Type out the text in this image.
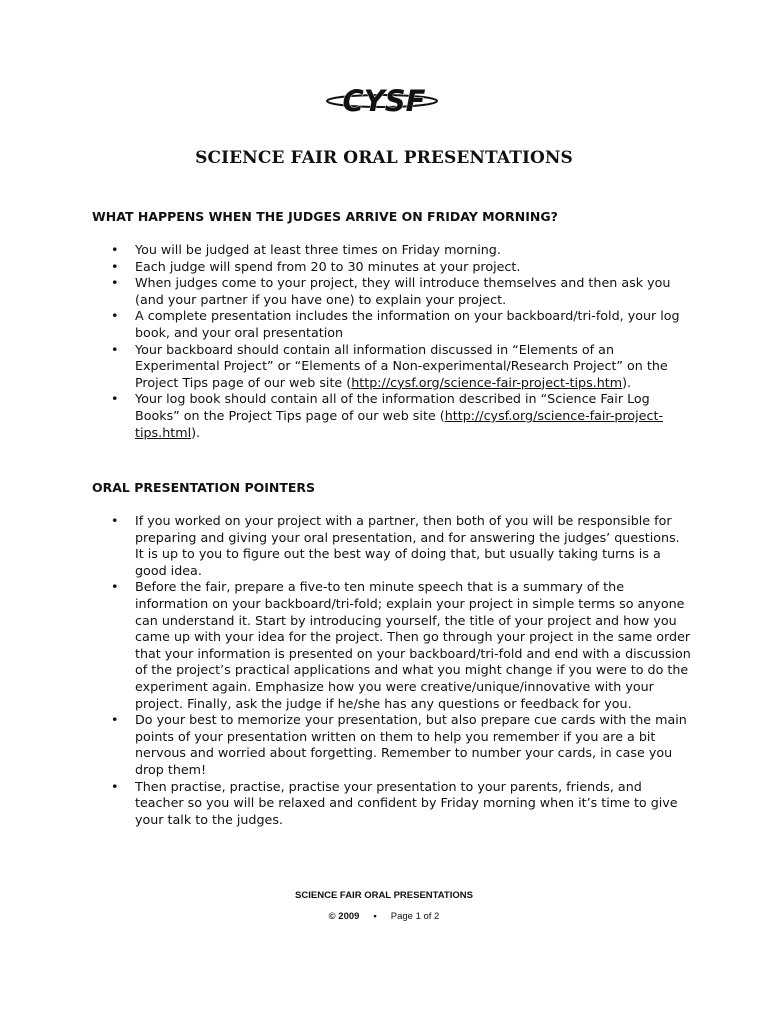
CYSF
SCIENCE FAIR ORAL PRESENTATIONS
WHAT HAPPENS WHEN THE JUDGES ARRIVE ON FRIDAY MORNING?
• You will be judged at least three times on Friday morning.
• Each judge will spend from 20 to 30 minutes at your project.
• When judges come to your project, they will introduce themselves and then ask you (and your partner if you have one) to explain your project.
• A complete presentation includes the information on your backboard/tri-fold, your log book, and your oral presentation
• Your backboard should contain all information discussed in “Elements of an Experimental Project” or “Elements of a Non-experimental/Research Project” on the Project Tips page of our web site (http://cysf.org/science-fair-project-tips.htm).
• Your log book should contain all of the information described in “Science Fair Log Books” on the Project Tips page of our web site (http://cysf.org/science-fair-project-tips.html).
ORAL PRESENTATION POINTERS
• If you worked on your project with a partner, then both of you will be responsible for preparing and giving your oral presentation, and for answering the judges’ questions. It is up to you to figure out the best way of doing that, but usually taking turns is a good idea.
• Before the fair, prepare a five-to ten minute speech that is a summary of the information on your backboard/tri-fold; explain your project in simple terms so anyone can understand it. Start by introducing yourself, the title of your project and how you came up with your idea for the project. Then go through your project in the same order that your information is presented on your backboard/tri-fold and end with a discussion of the project’s practical applications and what you might change if you were to do the experiment again. Emphasize how you were creative/unique/innovative with your project. Finally, ask the judge if he/she has any questions or feedback for you.
• Do your best to memorize your presentation, but also prepare cue cards with the main points of your presentation written on them to help you remember if you are a bit nervous and worried about forgetting. Remember to number your cards, in case you drop them!
• Then practise, practise, practise your presentation to your parents, friends, and teacher so you will be relaxed and confident by Friday morning when it’s time to give your talk to the judges.
SCIENCE FAIR ORAL PRESENTATIONS
© 2009 • Page 1 of 2
